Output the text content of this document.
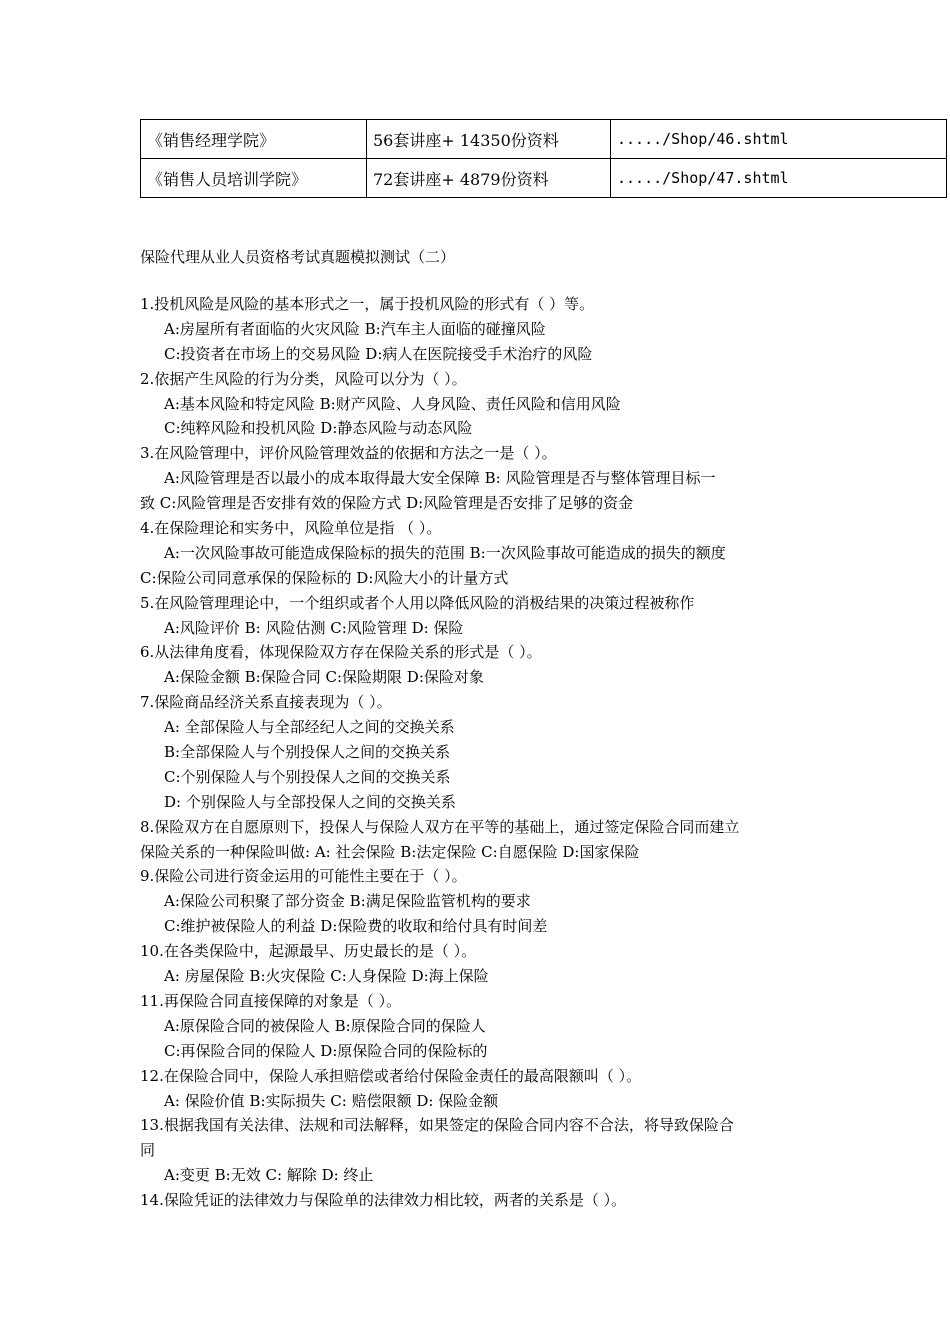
《销售经理学院》	56套讲座+ 14350份资料	...../Shop/46.shtml
《销售人员培训学院》	72套讲座+ 4879份资料	...../Shop/47.shtml
保险代理从业人员资格考试真题模拟测试（二）
1.投机风险是风险的基本形式之一，属于投机风险的形式有（ ）等。
A:房屋所有者面临的火灾风险 B:汽车主人面临的碰撞风险
C:投资者在市场上的交易风险 D:病人在医院接受手术治疗的风险
2.依据产生风险的行为分类，风险可以分为（ ）。
A:基本风险和特定风险 B:财产风险、人身风险、责任风险和信用风险
C:纯粹风险和投机风险 D:静态风险与动态风险
3.在风险管理中，评价风险管理效益的依据和方法之一是（ ）。
A:风险管理是否以最小的成本取得最大安全保障 B: 风险管理是否与整体管理目标一
致 C:风险管理是否安排有效的保险方式 D:风险管理是否安排了足够的资金
4.在保险理论和实务中，风险单位是指 （ ）。
A:一次风险事故可能造成保险标的损失的范围 B:一次风险事故可能造成的损失的额度
C:保险公司同意承保的保险标的 D:风险大小的计量方式
5.在风险管理理论中，一个组织或者个人用以降低风险的消极结果的决策过程被称作
A:风险评价 B: 风险估测 C:风险管理 D: 保险
6.从法律角度看，体现保险双方存在保险关系的形式是（ ）。
A:保险金额 B:保险合同 C:保险期限 D:保险对象
7.保险商品经济关系直接表现为（ ）。
A: 全部保险人与全部经纪人之间的交换关系
B:全部保险人与个别投保人之间的交换关系
C:个别保险人与个别投保人之间的交换关系
D: 个别保险人与全部投保人之间的交换关系
8.保险双方在自愿原则下，投保人与保险人双方在平等的基础上，通过签定保险合同而建立
保险关系的一种保险叫做: A: 社会保险 B:法定保险 C:自愿保险 D:国家保险
9.保险公司进行资金运用的可能性主要在于（ ）。
A:保险公司积聚了部分资金 B:满足保险监管机构的要求
C:维护被保险人的利益 D:保险费的收取和给付具有时间差
10.在各类保险中，起源最早、历史最长的是（ ）。
A: 房屋保险 B:火灾保险 C:人身保险 D:海上保险
11.再保险合同直接保障的对象是（ ）。
A:原保险合同的被保险人 B:原保险合同的保险人
C:再保险合同的保险人 D:原保险合同的保险标的
12.在保险合同中，保险人承担赔偿或者给付保险金责任的最高限额叫（ ）。
A: 保险价值 B:实际损失 C: 赔偿限额 D: 保险金额
13.根据我国有关法律、法规和司法解释，如果签定的保险合同内容不合法，将导致保险合
同
A:变更 B:无效 C: 解除 D: 终止
14.保险凭证的法律效力与保险单的法律效力相比较，两者的关系是（ ）。
